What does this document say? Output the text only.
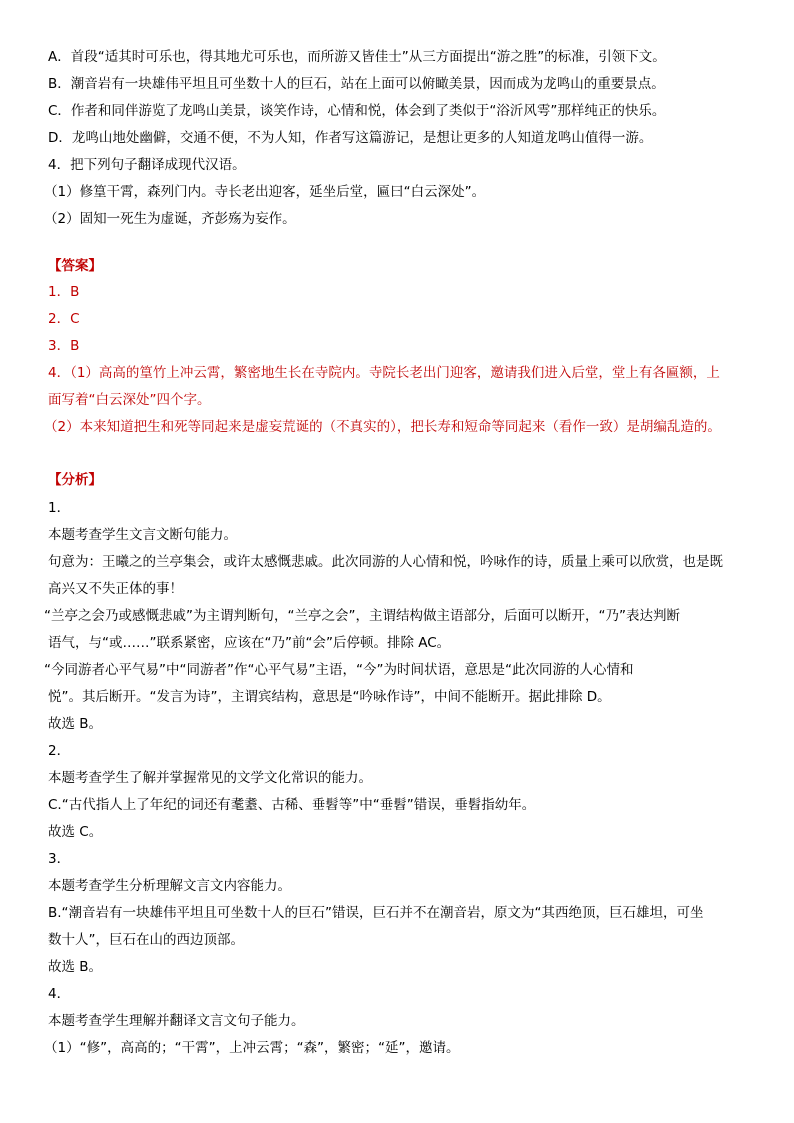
A．首段“适其时可乐也，得其地尤可乐也，而所游又皆佳士”从三方面提出“游之胜”的标准，引领下文。
B．潮音岩有一块雄伟平坦且可坐数十人的巨石，站在上面可以俯瞰美景，因而成为龙鸣山的重要景点。
C．作者和同伴游览了龙鸣山美景，谈笑作诗，心情和悦，体会到了类似于“浴沂风雩”那样纯正的快乐。
D．龙鸣山地处幽僻，交通不便，不为人知，作者写这篇游记，是想让更多的人知道龙鸣山值得一游。
4．把下列句子翻译成现代汉语。
（1）修篁干霄，森列门内。寺长老出迎客，延坐后堂，匾曰“白云深处”。
（2）固知一死生为虚诞，齐彭殇为妄作。
【答案】
1．B
2．C
3．B
4．（1）高高的篁竹上冲云霄，繁密地生长在寺院内。寺院长老出门迎客，邀请我们进入后堂，堂上有各匾额，上
面写着“白云深处”四个字。
（2）本来知道把生和死等同起来是虚妄荒诞的（不真实的），把长寿和短命等同起来（看作一致）是胡编乱造的。
【分析】
1．
本题考查学生文言文断句能力。
句意为：王曦之的兰亭集会，或许太感慨悲戚。此次同游的人心情和悦，吟咏作的诗，质量上乘可以欣赏，也是既
高兴又不失正体的事！
“兰亭之会乃或感慨悲戚”为主谓判断句，“兰亭之会”，主谓结构做主语部分，后面可以断开，“乃”表达判断
语气，与“或……”联系紧密，应该在“乃”前“会”后停顿。排除 AC。
“今同游者心平气易”中“同游者”作“心平气易”主语，“今”为时间状语，意思是“此次同游的人心情和
悦”。其后断开。“发言为诗”，主谓宾结构，意思是“吟咏作诗”，中间不能断开。据此排除 D。
故选 B。
2．
本题考查学生了解并掌握常见的文学文化常识的能力。
C.“古代指人上了年纪的词还有耄耋、古稀、垂髫等”中“垂髫”错误，垂髫指幼年。
故选 C。
3．
本题考查学生分析理解文言文内容能力。
B.“潮音岩有一块雄伟平坦且可坐数十人的巨石”错误，巨石并不在潮音岩，原文为“其西绝顶，巨石雄坦，可坐
数十人”，巨石在山的西边顶部。
故选 B。
4．
本题考查学生理解并翻译文言文句子能力。
（1）“修”，高高的；“干霄”，上冲云霄；“森”，繁密；“延”，邀请。
